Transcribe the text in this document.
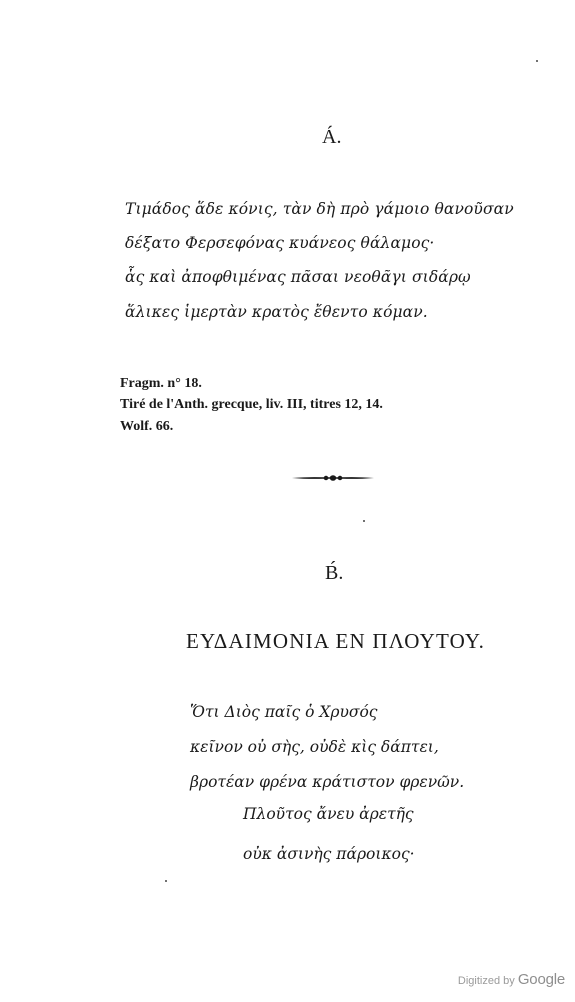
Á.
Τιμάδος ἅδε κόνις, τὰν δὴ πρὸ γάμοιο θανοῦσαν
δέξατο Φερσεφόνας κυάνεος θάλαμος·
ἇς καὶ ἀποφθιμένας πᾶσαι νεοθᾶγι σιδάρῳ
ἅλικες ἱμερτὰν κρατὸς ἔθεντο κόμαν.
Fragm. n° 18.
Tiré de l'Anth. grecque, liv. III, titres 12, 14.
Wolf. 66.
B́.
ΕΥΔΑΙΜΟΝΙΑ ΕΝ ΠΛΟΥΤΟΥ.
Ὅτι Διὸς παῖς ὁ Χρυσός
κεῖνον οὐ σὴς, οὐδὲ κὶς δάπτει,
βροτέαν φρένα κράτιστον φρενῶν.
Πλοῦτος ἄνευ ἀρετῆς
οὐκ ἀσινὴς πάροικος·
Digitized by Google
